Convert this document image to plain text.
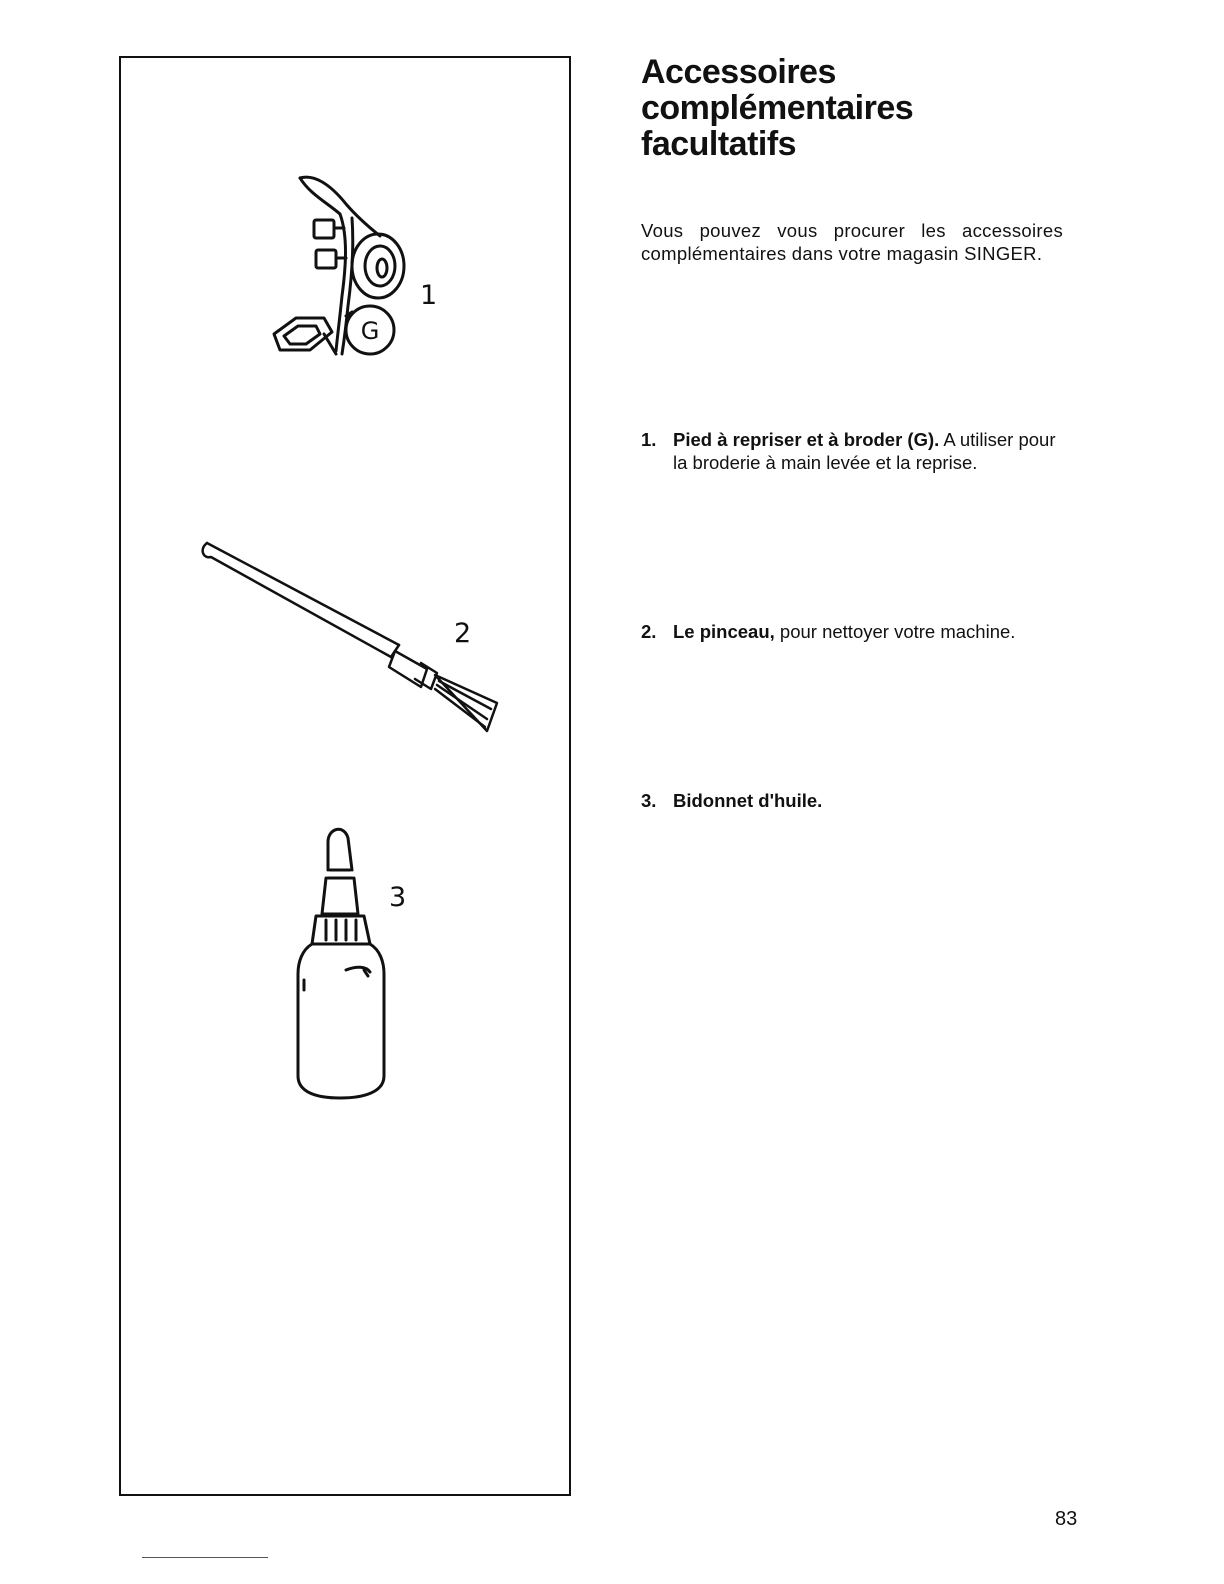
G
1
2
3
Accessoires
complémentaires
facultatifs

Vous pouvez vous procurer les accessoires complémentaires dans votre magasin SINGER.

1. Pied à repriser et à broder (G). A utiliser pour la broderie à main levée et la reprise.
2. Le pinceau, pour nettoyer votre machine.
3. Bidonnet d'huile.
83
